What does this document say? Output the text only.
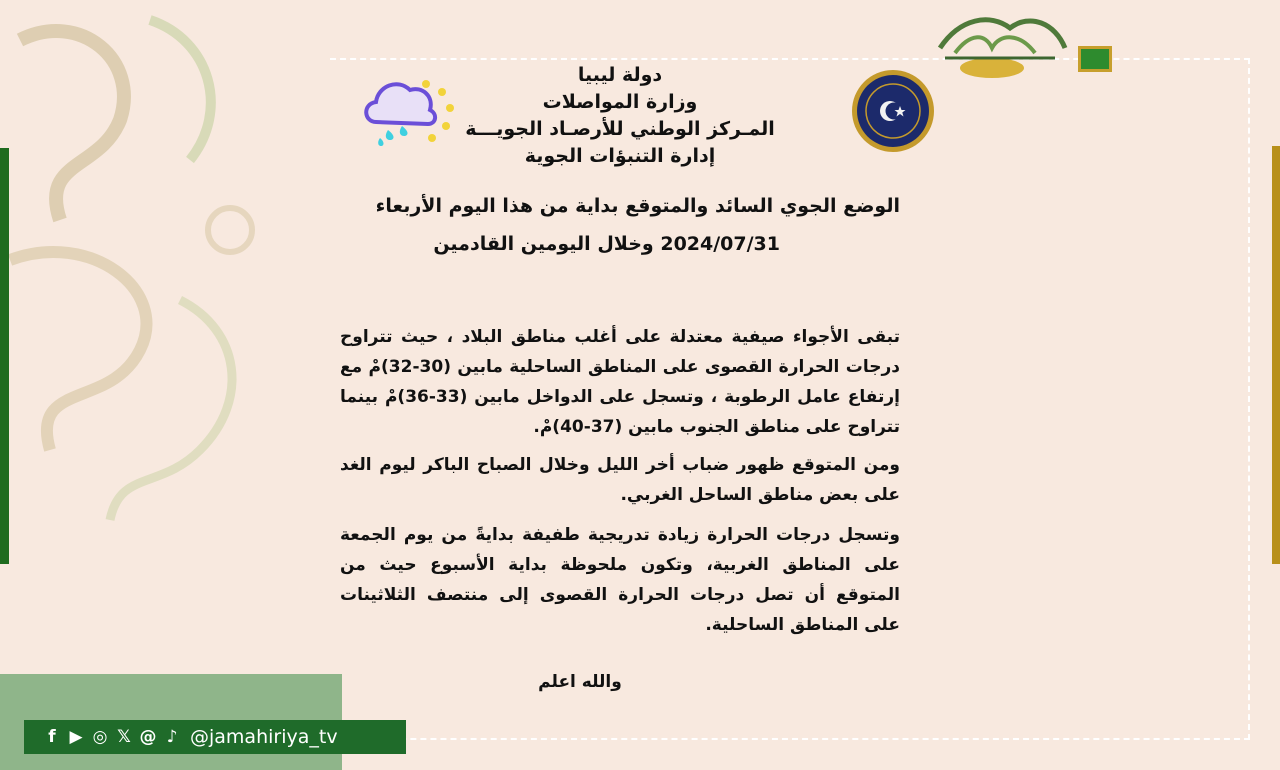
دولة ليبيا
وزارة المواصلات
المـركز الوطني للأرصـاد الجويـــة
إدارة التنبؤات الجوية
الوضع الجوي السائد والمتوقع بداية من هذا اليوم الأربعاء
2024/07/31 وخلال اليومين القادمين
تبقى الأجواء صيفية معتدلة على أغلب مناطق البلاد ، حيث تتراوح درجات الحرارة القصوى على المناطق الساحلية مابين (30-32)مْ مع إرتفاع عامل الرطوبة ، وتسجل على الدواخل مابين (33-36)مْ بينما تتراوح على مناطق الجنوب مابين (37-40)مْ.
ومن المتوقع ظهور ضباب أخر الليل وخلال الصباح الباكر ليوم الغد على بعض مناطق الساحل الغربي.
وتسجل درجات الحرارة زيادة تدريجية طفيفة بدايةً من يوم الجمعة على المناطق الغربية، وتكون ملحوظة بداية الأسبوع حيث من المتوقع أن تصل درجات الحرارة القصوى إلى منتصف الثلاثينات على المناطق الساحلية.
والله اعلم
f ▶ ◎ 𝕏 @ ♪ @jamahiriya_tv
